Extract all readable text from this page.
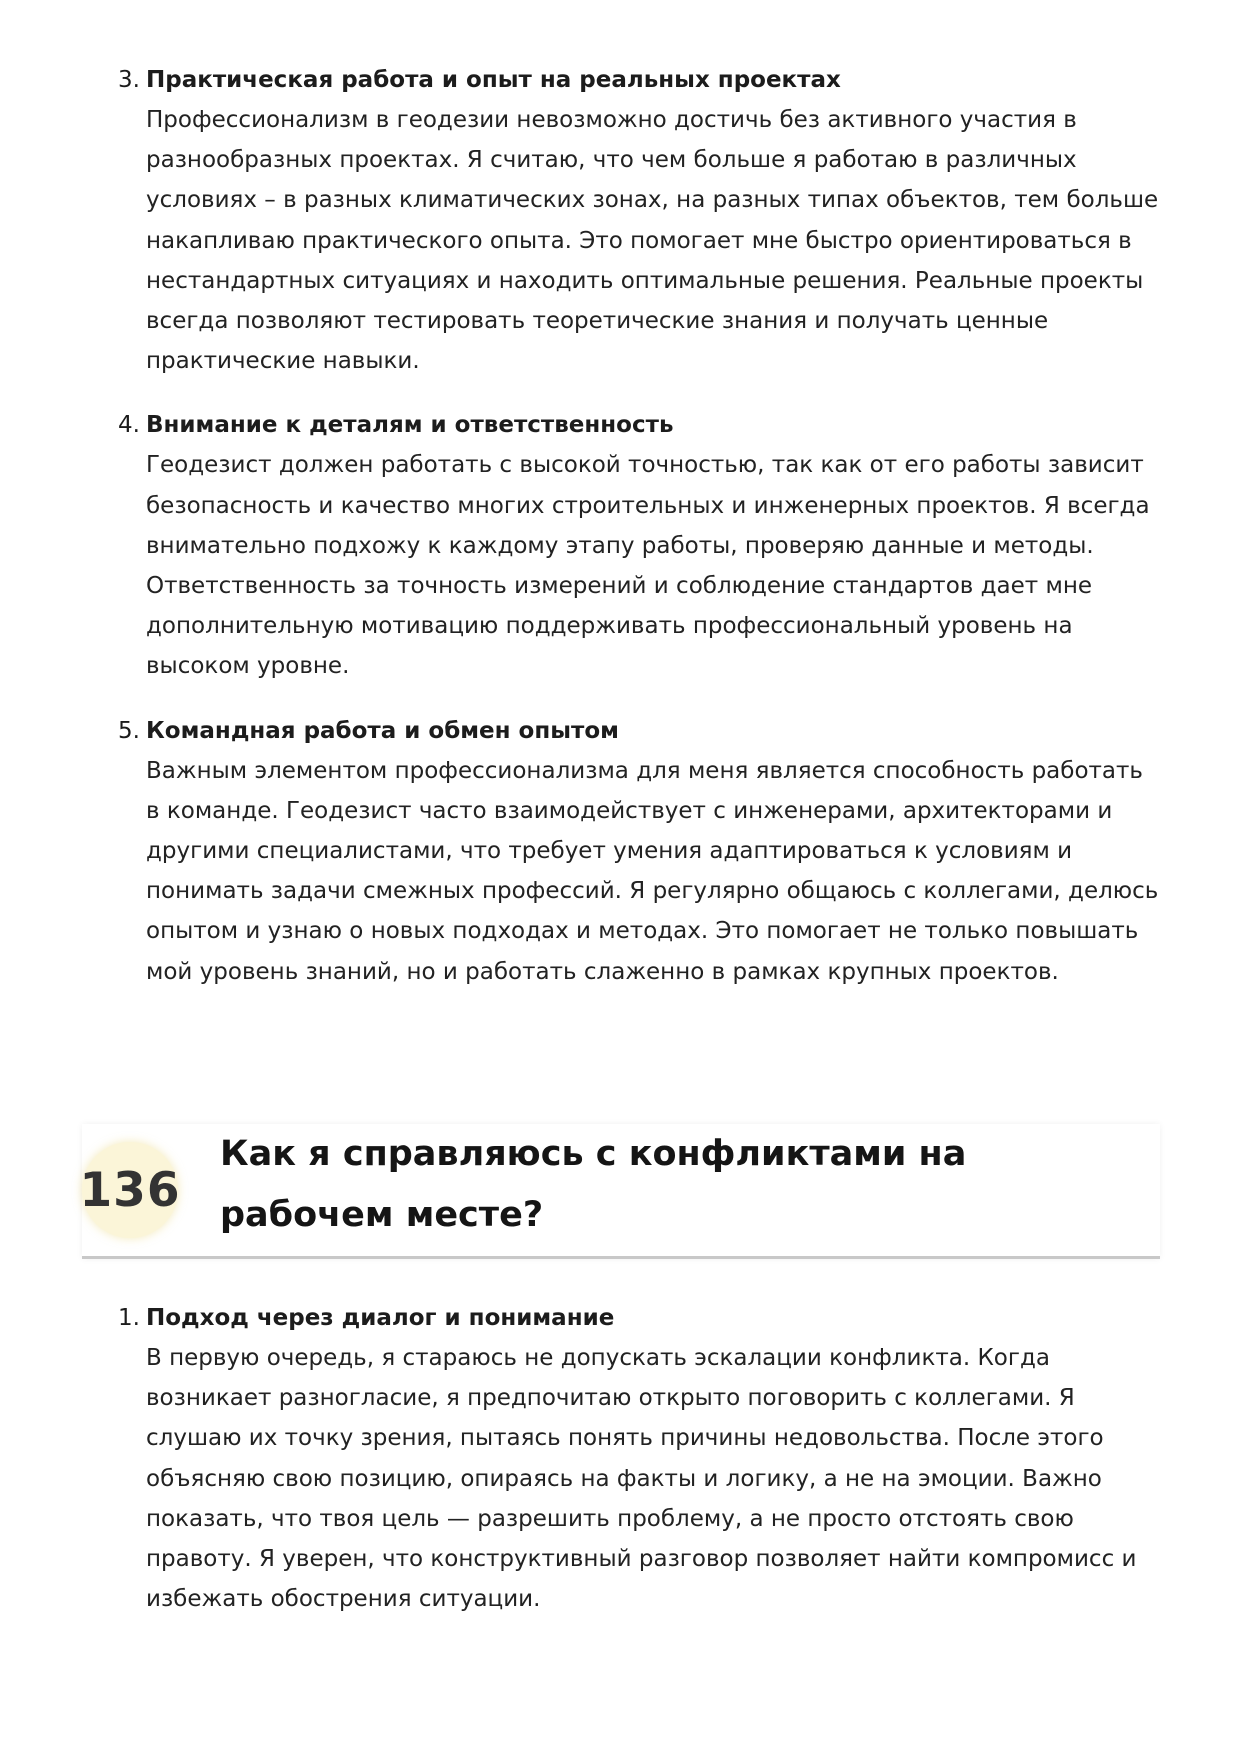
3. Практическая работа и опыт на реальных проектах

Профессионализм в геодезии невозможно достичь без активного участия в разнообразных проектах. Я считаю, что чем больше я работаю в различных условиях – в разных климатических зонах, на разных типах объектов, тем больше накапливаю практического опыта. Это помогает мне быстро ориентироваться в нестандартных ситуациях и находить оптимальные решения. Реальные проекты всегда позволяют тестировать теоретические знания и получать ценные практические навыки.

4. Внимание к деталям и ответственность

Геодезист должен работать с высокой точностью, так как от его работы зависит безопасность и качество многих строительных и инженерных проектов. Я всегда внимательно подхожу к каждому этапу работы, проверяю данные и методы. Ответственность за точность измерений и соблюдение стандартов дает мне дополнительную мотивацию поддерживать профессиональный уровень на высоком уровне.

5. Командная работа и обмен опытом

Важным элементом профессионализма для меня является способность работать в команде. Геодезист часто взаимодействует с инженерами, архитекторами и другими специалистами, что требует умения адаптироваться к условиям и понимать задачи смежных профессий. Я регулярно общаюсь с коллегами, делюсь опытом и узнаю о новых подходах и методах. Это помогает не только повышать мой уровень знаний, но и работать слаженно в рамках крупных проектов.

136
Как я справляюсь с конфликтами на рабочем месте?
1. Подход через диалог и понимание

В первую очередь, я стараюсь не допускать эскалации конфликта. Когда возникает разногласие, я предпочитаю открыто поговорить с коллегами. Я слушаю их точку зрения, пытаясь понять причины недовольства. После этого объясняю свою позицию, опираясь на факты и логику, а не на эмоции. Важно показать, что твоя цель — разрешить проблему, а не просто отстоять свою правоту. Я уверен, что конструктивный разговор позволяет найти компромисс и избежать обострения ситуации.
